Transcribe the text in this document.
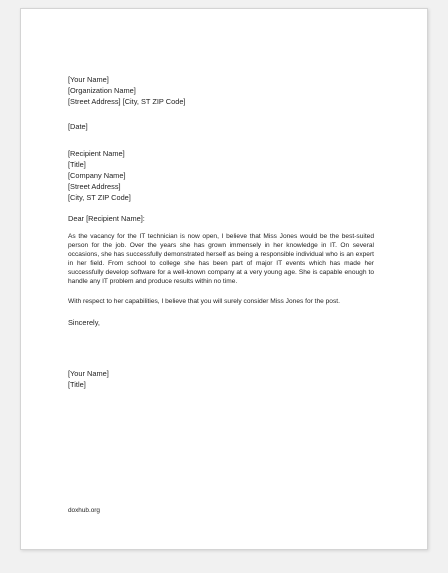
[Your Name]
[Organization Name]
[Street Address] [City, ST ZIP Code]
[Date]
[Recipient Name]
[Title]
[Company Name]
[Street Address]
[City, ST ZIP Code]
Dear [Recipient Name]:

As the vacancy for the IT technician is now open, I believe that Miss Jones would be the best-suited person for the job. Over the years she has grown immensely in her knowledge in IT. On several occasions, she has successfully demonstrated herself as being a responsible individual who is an expert in her field. From school to college she has been part of major IT events which has made her successfully develop software for a well-known company at a very young age. She is capable enough to handle any IT problem and produce results within no time.

With respect to her capabilities, I believe that you will surely consider Miss Jones for the post.

Sincerely,
[Your Name]
[Title]
doxhub.org
